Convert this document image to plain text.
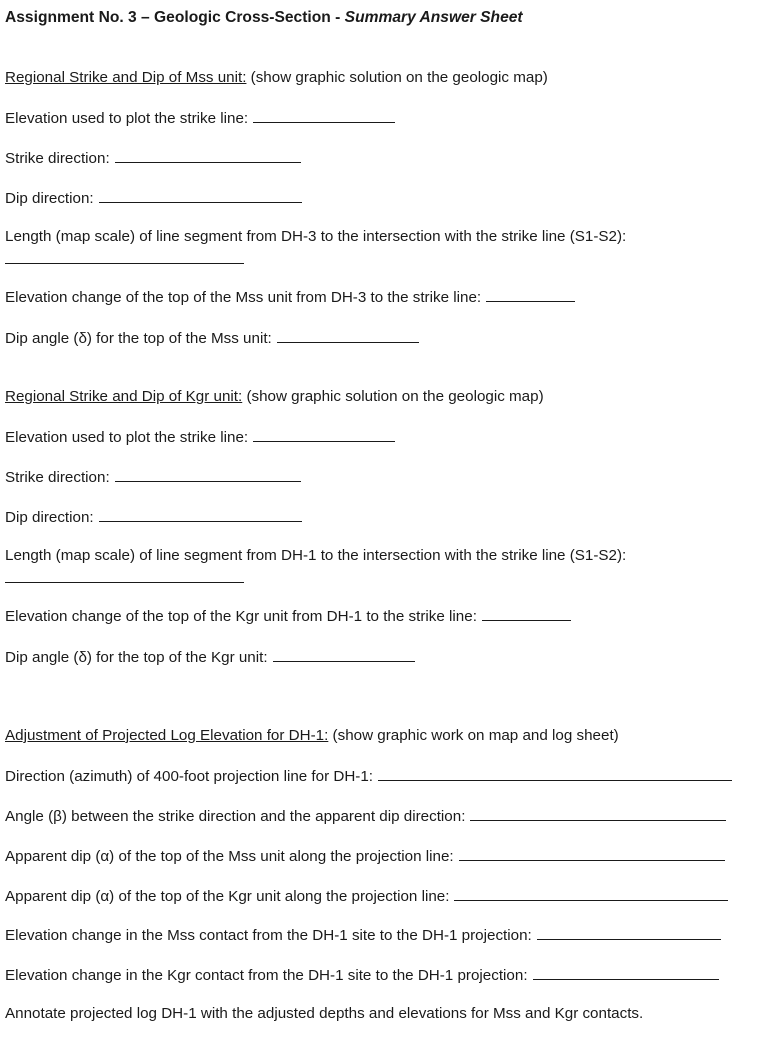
Assignment No. 3 – Geologic Cross-Section - Summary Answer Sheet
Regional Strike and Dip of Mss unit: (show graphic solution on the geologic map)
Elevation used to plot the strike line:
Strike direction:
Dip direction:
Length (map scale) of line segment from DH-3 to the intersection with the strike line (S1-S2):
Elevation change of the top of the Mss unit from DH-3 to the strike line:
Dip angle (δ) for the top of the Mss unit:
Regional Strike and Dip of Kgr unit: (show graphic solution on the geologic map)
Elevation used to plot the strike line:
Strike direction:
Dip direction:
Length (map scale) of line segment from DH-1 to the intersection with the strike line (S1-S2):
Elevation change of the top of the Kgr unit from DH-1 to the strike line:
Dip angle (δ) for the top of the Kgr unit:
Adjustment of Projected Log Elevation for DH-1: (show graphic work on map and log sheet)
Direction (azimuth) of 400-foot projection line for DH-1:
Angle (β) between the strike direction and the apparent dip direction:
Apparent dip (α) of the top of the Mss unit along the projection line:
Apparent dip (α) of the top of the Kgr unit along the projection line:
Elevation change in the Mss contact from the DH-1 site to the DH-1 projection:
Elevation change in the Kgr contact from the DH-1 site to the DH-1 projection:
Annotate projected log DH-1 with the adjusted depths and elevations for Mss and Kgr contacts.
